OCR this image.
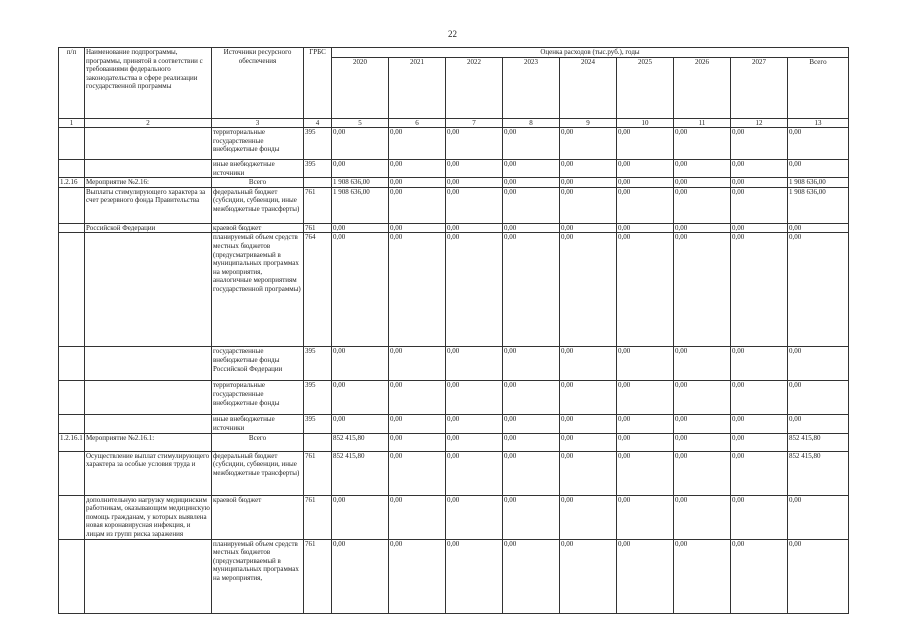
22
п/п	Наименование подпрограммы, программы, принятой в соответствии с требованиями федерального законодательства в сфере реализации государственной программы	Источники ресурсного обеспечения	ГРБС	Оценка расходов (тыс.руб.), годы								
				2020	2021	2022	2023	2024	2025	2026	2027	Всего
1	2	3	4	5	6	7	8	9	10	11	12	13
		территориальные государственные внебюджетные фонды	395	0,00	0,00	0,00	0,00	0,00	0,00	0,00	0,00	0,00
		иные внебюджетные источники	395	0,00	0,00	0,00	0,00	0,00	0,00	0,00	0,00	0,00
1.2.16	Мероприятие №2.16:	Всего		1 908 636,00	0,00	0,00	0,00	0,00	0,00	0,00	0,00	1 908 636,00
	Выплаты стимулирующего характера за счет резервного фонда Правительства	федеральный бюджет (субсидии, субвенции, иные межбюджетные трансферты)	761	1 908 636,00	0,00	0,00	0,00	0,00	0,00	0,00	0,00	1 908 636,00
	Российской Федерации	краевой бюджет	761	0,00	0,00	0,00	0,00	0,00	0,00	0,00	0,00	0,00
		планируемый объем средств местных бюджетов (предусматриваемый в муниципальных программах на мероприятия, аналогичные мероприятиям государственной программы)	764	0,00	0,00	0,00	0,00	0,00	0,00	0,00	0,00	0,00
		государственные внебюджетные фонды Российской Федерации	395	0,00	0,00	0,00	0,00	0,00	0,00	0,00	0,00	0,00
		территориальные государственные внебюджетные фонды	395	0,00	0,00	0,00	0,00	0,00	0,00	0,00	0,00	0,00
		иные внебюджетные источники	395	0,00	0,00	0,00	0,00	0,00	0,00	0,00	0,00	0,00
1.2.16.1	Мероприятие №2.16.1:	Всего		852 415,80	0,00	0,00	0,00	0,00	0,00	0,00	0,00	852 415,80
	Осуществление выплат стимулирующего характера за особые условия труда и	федеральный бюджет (субсидии, субвенции, иные межбюджетные трансферты)	761	852 415,80	0,00	0,00	0,00	0,00	0,00	0,00	0,00	852 415,80
	дополнительную нагрузку медицинским работникам, оказывающим медицинскую помощь гражданам, у которых выявлена новая коронавирусная инфекция, и лицам из групп риска заражения	краевой бюджет	761	0,00	0,00	0,00	0,00	0,00	0,00	0,00	0,00	0,00
		планируемый объем средств местных бюджетов (предусматриваемый в муниципальных программах на мероприятия,	761	0,00	0,00	0,00	0,00	0,00	0,00	0,00	0,00	0,00
